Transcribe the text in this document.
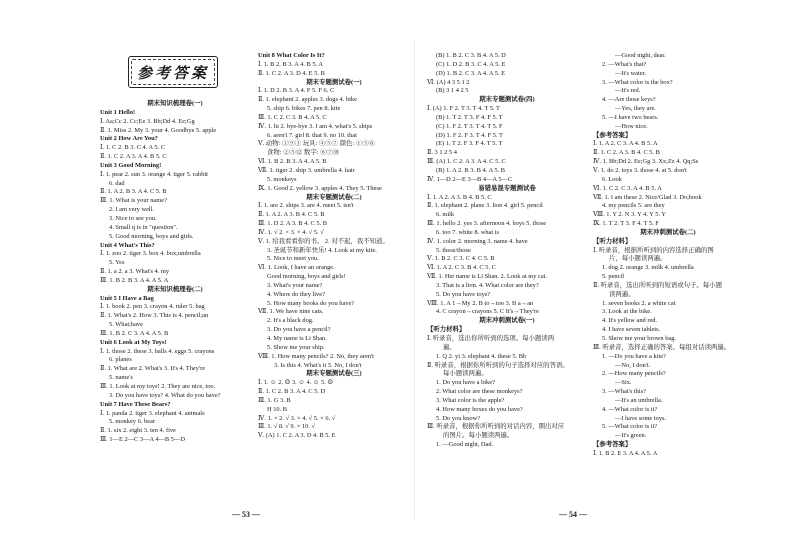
参考答案
期末知识梳理卷(一)
Unit 1 Hello!
Ⅰ. Aa;Cc 2. Cc;Ee 3. Bb;Dd 4. Ee;Gg
Ⅱ. 1. Miss 2. My 3. your 4. Goodbye 5. apple
Unit 2 How Are You?
Ⅰ. 1. C 2. B 3. C 4. A 5. C
Ⅱ. 1. C 2. A 3. A 4. B 5. C
Unit 3 Good Morning!
Ⅰ. 1. pear 2. sun 3. orange 4. tiger 5. rabbit
6. dad
Ⅱ. 1. A 2. B 3. A 4. C 5. B
Ⅲ. 1. What is your name?
2. I am very well.
3. Nice to see you.
4. Small q is in "question".
5. Good morning, boys and girls.
Unit 4 What's This?
Ⅰ. 1. zoo 2. tiger 3. box 4. box;umbrella
5. Yes
Ⅱ. 1. a 2. a 3. What's 4. my
Ⅲ. 1. B 2. B 3. A 4. A 5. A
期末知识梳理卷(二)
Unit 5 I Have a Bag
Ⅰ. 1. book 2. pen 3. crayon 4. ruler 5. bag
Ⅱ. 1. What's 2. How 3. This is 4. pencil;an
5. What;have
Ⅲ. 1. B 2. C 3. A 4. A 5. B
Unit 6 Look at My Toys!
Ⅰ. 1. those 2. these 3. balls 4. eggs 5. crayons
6. planes
Ⅱ. 1. What are 2. What's 3. It's 4. They're
5. name's
Ⅲ. 1. Look at my toys! 2. They are nice, too.
3. Do you have toys? 4. What do you have?
Unit 7 Have These Bears?
Ⅰ. 1. panda 2. tiger 3. elephant 4. animals
5. monkey 6. bear
Ⅱ. 1. six 2. eight 3. ten 4. five
Ⅲ. 1—E 2—C 3—A 4—B 5—D
Unit 8 What Color Is It?
Ⅰ. 1. B 2. B 3. A 4. B 5. A
Ⅱ. 1. C 2. A 3. D 4. E 5. B
期末专题测试卷(一)
Ⅰ. 1. D 2. B 3. A 4. F 5. F 6. C
Ⅱ. 1. elephant 2. apples 3. dogs 4. bike
5. ship 6. bikes 7. pen 8. kite
Ⅲ. 1. C 2. C 3. B 4. A 5. C
Ⅳ. 1. hi 2. bye-bye 3. I am 4. what's 5. ships
6. aren't 7. girl 8. that 9. no 10. that
Ⅴ. 动物: ①⑨③ 玩具: ④⑤⑦ 颜色: ①⑤⑥
食物: ②⑤⑫ 数字: ⑥⑦⑩
Ⅵ. 1. B 2. B 3. A 4. A 5. B
Ⅶ. 1. tiger 2. ship 3. umbrella 4. hair
5. monkeys
Ⅸ. 1. Good 2. yellow 3. apples 4. They 5. These
期末专题测试卷(二)
Ⅰ. 1. are 2. ships 3. are 4. meet 5. isn't
Ⅱ. 1. A 2. A 3. B 4. C 5. B
Ⅲ. 1. D 2. A 3. B 4. C 5. B
Ⅳ. 1. √ 2. × 3. × 4. √ 5. √
Ⅴ. 1. 给我看看你的书。 2. 对不起，我不知道。
3. 圣诞节和新年快乐! 4. Look at my kite.
5. Nice to meet you.
Ⅵ. 1. Look, I have an orange.
Good morning, boys and girls!
3. What's your name?
4. Where do they live?
5. How many books do you have?
Ⅶ. 1. We have nine cats.
2. It's a black dog.
3. Do you have a pencil?
4. My name is Li Shan.
5. Show me your ship.
Ⅷ. 1. How many pencils? 2. No, they aren't
3. Is this 4. What's it 5. No, I don't
期末专题测试卷(三)
Ⅰ. 1. ☺ 2. ☹ 3. ☺ 4. ☺ 5. ☹
Ⅱ. 1. C 2. B 3. A 4. C 5. D
Ⅲ. 1. G 3. B
H 10. B
Ⅳ. 1. × 2. √ 3. × 4. √ 5. × 6. √
Ⅲ. 1. √ 8. √ 9. × 10. √
Ⅴ. (A) 1. C 2. A 3. D 4. B 5. E
(B) 1. B 2. C 3. B 4. A 5. D
(C) 1. D 2. B 3. C 4. A 5. E
(D) 1. B 2. C 3. A 4. A 5. E
Ⅵ. (A) 4 3 5 1 2
(B) 3 1 4 2 5
期末专题测试卷(四)
Ⅰ. (A) 1. F 2. T 3. T 4. T 5. T
(B) 1. T 2. T 3. F 4. F 5. T
(C) 1. F 2. T 3. T 4. T 5. F
(D) 1. F 2. F 3. T 4. F 5. T
(E) 1. T 2. F 3. F 4. T 5. T
Ⅱ. 3 1 2 5 4
Ⅲ. (A) 1. C 2. A 3. A 4. C 5. C
(B) 1. A 2. B 3. B 4. A 5. B
Ⅳ. 1—D 2—E 3—B 4—A 5—C
易错易混专题测试卷
Ⅰ. 1. A 2. A 3. B 4. B 5. C
Ⅱ. 1. elephant 2. plane 3. lion 4. girl 5. pencil
6. milk
Ⅲ. 1. hello 2. yes 3. afternoon 4. boys 5. those
6. too 7. white 8. what is
Ⅳ. 1. color 2. morning 3. name 4. have
5. these/those
Ⅴ. 1. B 2. C 3. C 4. C 5. B
Ⅵ. 1. A 2. C 3. B 4. C 5. C
Ⅶ. 1. Her name is Li Shan. 2. Look at my cat.
3. That is a lion. 4. What color are they?
5. Do you have toys?
Ⅷ. 1. A 1→My 2. B to→too 3. B a→an
4. C crayon→crayons 5. C It's→They're
期末冲刺测试卷(一)
【听力材料】
Ⅰ. 听录音，选出你所听到的选项。每小题读两
遍。
1. Q 2. yi 3. elephant 4. these 5. Bb
Ⅱ. 听录音，根据你所听到的句子选择对应的答语。
每小题读两遍。
1. Do you have a bike?
2. What color are these monkeys?
3. What color is the apple?
4. How many boxes do you have?
5. Do you know?
Ⅲ. 听录音，根据你所听到的对话内容，圈出对应
的图片。每小题读两遍。
1. —Good night, Dad.
—Good night, dear.
2. —What's that?
—It's water.
3. —What color is the box?
—It's red.
4. —Are those keys?
—Yes, they are.
5. —I have two bears.
—How nice.
【参考答案】
Ⅰ. 1. A 2. C 3. A 4. B 5. A
Ⅱ. 1. C 2. A 3. B 4. C 5. B
Ⅳ. 1. Bb;Dd 2. Ee;Gg 3. Xx;Zz 4. Qq;Ss
Ⅴ. 1. do 2. toys 3. those 4. at 5. don't
6. Look
Ⅵ. 1. C 2. C 3. A 4. B 5. A
Ⅶ. 1. I am these 2. Nice/Glad 3. Do;book
4. my pencils 5. are they
Ⅷ. 1. Y 2. N 3. Y 4. Y 5. Y
Ⅸ. 1. T 2. T 3. F 4. T 5. F
期末冲刺测试卷(二)
【听力材料】
Ⅰ. 听录音，根据所听到的内容选择正确的图
片，每小题读两遍。
1. dog 2. orange 3. milk 4. umbrella
5. pencil
Ⅱ. 听录音，选出所听到的短语或句子。每小题
读两遍。
1. seven books 2. a white cat
3. Look at the bike.
4. It's yellow and red.
4. I have seven tablets.
5. Show me your brown bag.
Ⅲ. 听录音，选择正确的答案。每组对话读两遍。
1. —Do you have a kite?
—No, I don't.
2. —How many pencils?
—Six.
3. —What's this?
—It's an umbrella.
4. —What color is it?
—I have some toys.
5. —What color is it?
—It's green.
【参考答案】
Ⅰ. 1. B 2. E 3. A 4. A 5. A
— 53 —	— 54 —
